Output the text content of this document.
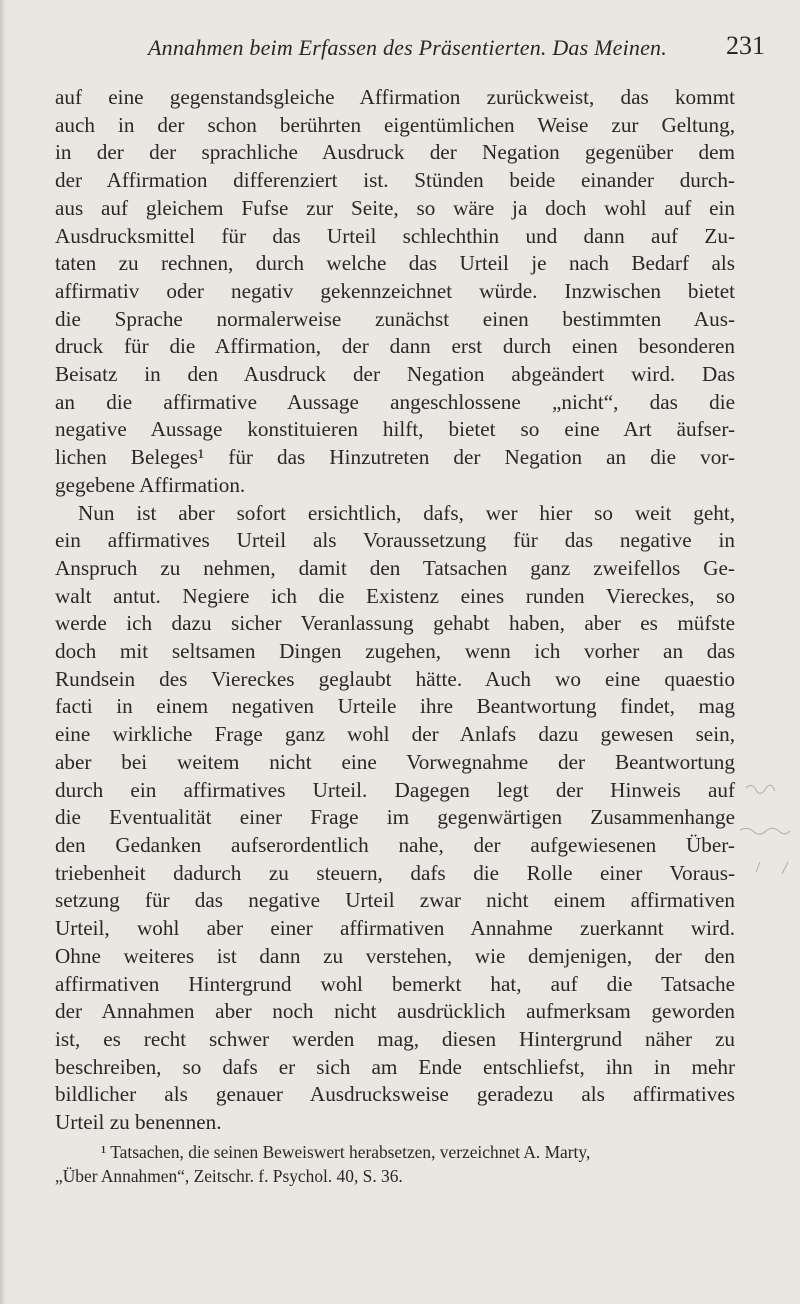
Annahmen beim Erfassen des Präsentierten. Das Meinen. 231
auf eine gegenstandsgleiche Affirmation zurückweist, das kommt
auch in der schon berührten eigentümlichen Weise zur Geltung,
in der der sprachliche Ausdruck der Negation gegenüber dem
der Affirmation differenziert ist. Stünden beide einander durch-
aus auf gleichem Fufse zur Seite, so wäre ja doch wohl auf ein
Ausdrucksmittel für das Urteil schlechthin und dann auf Zu-
taten zu rechnen, durch welche das Urteil je nach Bedarf als
affirmativ oder negativ gekennzeichnet würde. Inzwischen bietet
die Sprache normalerweise zunächst einen bestimmten Aus-
druck für die Affirmation, der dann erst durch einen besonderen
Beisatz in den Ausdruck der Negation abgeändert wird. Das
an die affirmative Aussage angeschlossene „nicht“, das die
negative Aussage konstituieren hilft, bietet so eine Art äufser-
lichen Beleges¹ für das Hinzutreten der Negation an die vor-
gegebene Affirmation.
Nun ist aber sofort ersichtlich, dafs, wer hier so weit geht,
ein affirmatives Urteil als Voraussetzung für das negative in
Anspruch zu nehmen, damit den Tatsachen ganz zweifellos Ge-
walt antut. Negiere ich die Existenz eines runden Viereckes, so
werde ich dazu sicher Veranlassung gehabt haben, aber es müfste
doch mit seltsamen Dingen zugehen, wenn ich vorher an das
Rundsein des Viereckes geglaubt hätte. Auch wo eine quaestio
facti in einem negativen Urteile ihre Beantwortung findet, mag
eine wirkliche Frage ganz wohl der Anlafs dazu gewesen sein,
aber bei weitem nicht eine Vorwegnahme der Beantwortung
durch ein affirmatives Urteil. Dagegen legt der Hinweis auf
die Eventualität einer Frage im gegenwärtigen Zusammenhange
den Gedanken aufserordentlich nahe, der aufgewiesenen Über-
triebenheit dadurch zu steuern, dafs die Rolle einer Voraus-
setzung für das negative Urteil zwar nicht einem affirmativen
Urteil, wohl aber einer affirmativen Annahme zuerkannt wird.
Ohne weiteres ist dann zu verstehen, wie demjenigen, der den
affirmativen Hintergrund wohl bemerkt hat, auf die Tatsache
der Annahmen aber noch nicht ausdrücklich aufmerksam geworden
ist, es recht schwer werden mag, diesen Hintergrund näher zu
beschreiben, so dafs er sich am Ende entschliefst, ihn in mehr
bildlicher als genauer Ausdrucksweise geradezu als affirmatives
Urteil zu benennen.
¹ Tatsachen, die seinen Beweiswert herabsetzen, verzeichnet A. Marty,
„Über Annahmen“, Zeitschr. f. Psychol. 40, S. 36.
